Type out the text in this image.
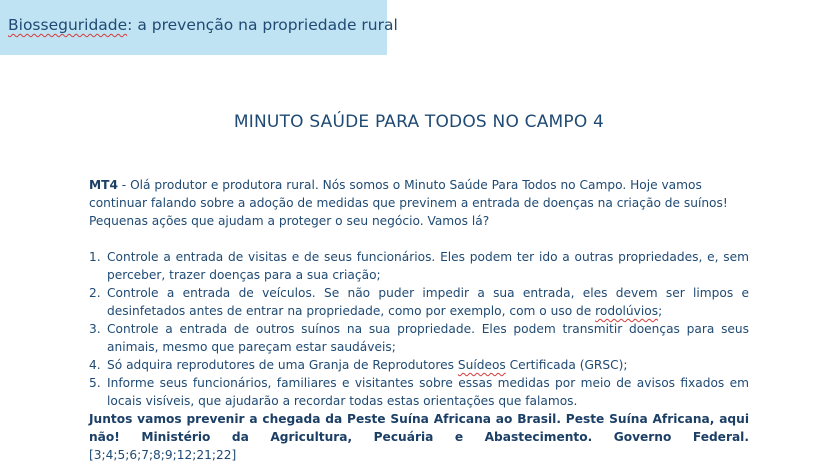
Biosseguridade: a prevenção na propriedade rural
MINUTO SAÚDE PARA TODOS NO CAMPO 4

MT4 - Olá produtor e produtora rural. Nós somos o Minuto Saúde Para Todos no Campo. Hoje vamos continuar falando sobre a adoção de medidas que previnem a entrada de doenças na criação de suínos! Pequenas ações que ajudam a proteger o seu negócio. Vamos lá?

1. Controle a entrada de visitas e de seus funcionários. Eles podem ter ido a outras propriedades, e, sem perceber, trazer doenças para a sua criação;
2. Controle a entrada de veículos. Se não puder impedir a sua entrada, eles devem ser limpos e desinfetados antes de entrar na propriedade, como por exemplo, com o uso de rodolúvios;
3. Controle a entrada de outros suínos na sua propriedade. Eles podem transmitir doenças para seus animais, mesmo que pareçam estar saudáveis;
4. Só adquira reprodutores de uma Granja de Reprodutores Suídeos Certificada (GRSC);
5. Informe seus funcionários, familiares e visitantes sobre essas medidas por meio de avisos fixados em locais visíveis, que ajudarão a recordar todas estas orientações que falamos.

Juntos vamos prevenir a chegada da Peste Suína Africana ao Brasil. Peste Suína Africana, aqui não! Ministério da Agricultura, Pecuária e Abastecimento. Governo Federal. [3;4;5;6;7;8;9;12;21;22]
